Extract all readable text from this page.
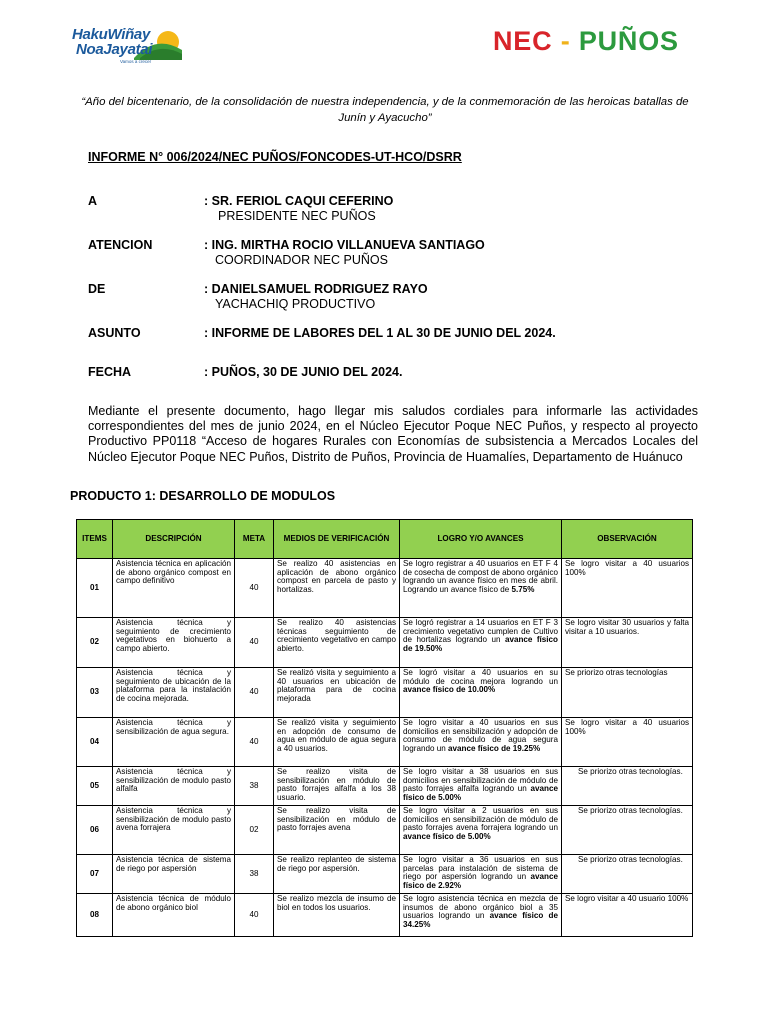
HakuWiñay
NoaJayatai
Vamos a crecer
NEC - PUÑOS
“Año del bicentenario, de la consolidación de nuestra independencia, y de la conmemoración de las heroicas batallas de Junín y Ayacucho”
INFORME N° 006/2024/NEC PUÑOS/FONCODES-UT-HCO/DSRR
A	: SR. FERIOL CAQUI CEFERINO
PRESIDENTE NEC PUÑOS
ATENCION	: ING. MIRTHA ROCIO VILLANUEVA SANTIAGO
COORDINADOR NEC PUÑOS
DE	: DANIELSAMUEL RODRIGUEZ RAYO
YACHACHIQ PRODUCTIVO
ASUNTO	: INFORME DE LABORES DEL 1 AL 30 DE JUNIO DEL 2024.
FECHA	: PUÑOS, 30 DE JUNIO DEL 2024.
Mediante el presente documento, hago llegar mis saludos cordiales para informarle las actividades correspondientes del mes de junio 2024, en el Núcleo Ejecutor Poque NEC Puños, y respecto al proyecto Productivo PP0118 “Acceso de hogares Rurales con Economías de subsistencia a Mercados Locales del Núcleo Ejecutor Poque NEC Puños, Distrito de Puños, Provincia de Huamalíes, Departamento de Huánuco
PRODUCTO 1: DESARROLLO DE MODULOS
ITEMS	DESCRIPCIÓN	META	MEDIOS DE VERIFICACIÓN	LOGRO Y/O AVANCES	OBSERVACIÓN
01	Asistencia técnica en aplicación de abono orgánico compost en campo definitivo	40	Se realizo 40 asistencias en aplicación de abono orgánico compost en parcela de pasto y hortalizas.	Se logro registrar a 40 usuarios en ET F 4 de cosecha de compost de abono orgánico logrando un avance físico en mes de abril. Logrando un avance físico de 5.75%	Se logro visitar a 40 usuarios 100%
02	Asistencia técnica y seguimiento de crecimiento vegetativos en biohuerto a campo abierto.	40	Se realizo 40 asistencias técnicas seguimiento de crecimiento vegetativo en campo abierto.	Se logró registrar a 14 usuarios en ET F 3 crecimiento vegetativo cumplen de Cultivo de hortalizas logrando un avance físico de 19.50%	Se logro visitar 30 usuarios y falta visitar a 10 usuarios.
03	Asistencia técnica y seguimiento de ubicación de la plataforma para la instalación de cocina mejorada.	40	Se realizó visita y seguimiento a 40 usuarios en ubicación de plataforma para de cocina mejorada	Se logró visitar a 40 usuarios en su módulo de cocina mejora logrando un avance físico de 10.00%	Se priorizo otras tecnologías
04	Asistencia técnica y sensibilización de agua segura.	40	Se realizó visita y seguimiento en adopción de consumo de agua en módulo de agua segura a 40 usuarios.	Se logro visitar a 40 usuarios en sus domicilios en sensibilización y adopción de consumo de módulo de agua segura logrando un avance físico de 19.25%	Se logro visitar a 40 usuarios 100%
05	Asistencia técnica y sensibilización de modulo pasto alfalfa	38	Se realizo visita de sensibilización en módulo de pasto forrajes alfalfa a los 38 usuario.	Se logro visitar a 38 usuarios en sus domicilios en sensibilización de módulo de pasto forrajes alfalfa logrando un avance físico de 5.00%	Se priorizo otras tecnologías.
06	Asistencia técnica y sensibilización de modulo pasto avena forrajera	02	Se realizo visita de sensibilización en módulo de pasto forrajes avena	Se logro visitar a 2 usuarios en sus domicilios en sensibilización de módulo de pasto forrajes avena forrajera logrando un avance físico de 5.00%	Se priorizo otras tecnologías.
07	Asistencia técnica de sistema de riego por aspersión	38	Se realizo replanteo de sistema de riego por aspersión.	Se logro visitar a 36 usuarios en sus parcelas para instalación de sistema de riego por aspersión logrando un avance físico de 2.92%	Se priorizo otras tecnologías.
08	Asistencia técnica de módulo de abono orgánico biol	40	Se realizo mezcla de insumo de biol en todos los usuarios.	Se logro asistencia técnica en mezcla de insumos de abono orgánico biol a 35 usuarios logrando un avance físico de 34.25%	Se logro visitar a 40 usuario 100%
